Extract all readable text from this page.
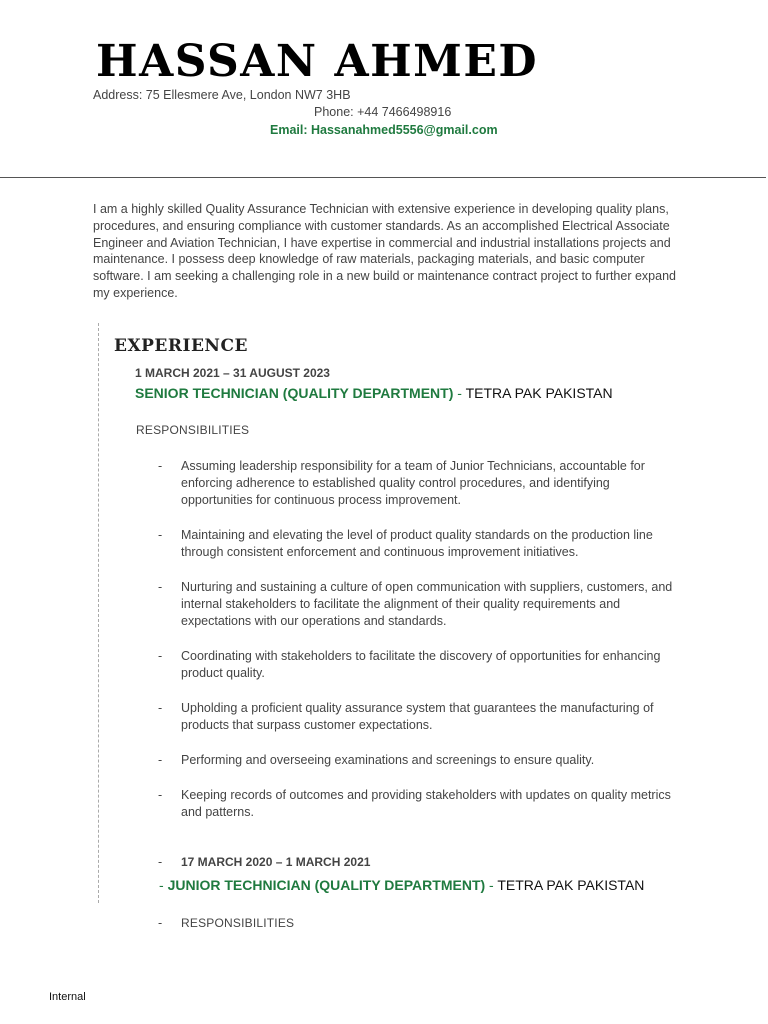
HASSAN AHMED
Address: 75 Ellesmere Ave, London NW7 3HB
Phone: +44 7466498916
Email: Hassanahmed5556@gmail.com

I am a highly skilled Quality Assurance Technician with extensive experience in developing quality plans, procedures, and ensuring compliance with customer standards. As an accomplished Electrical Associate Engineer and Aviation Technician, I have expertise in commercial and industrial installations projects and maintenance. I possess deep knowledge of raw materials, packaging materials, and basic computer software. I am seeking a challenging role in a new build or maintenance contract project to further expand my experience.

EXPERIENCE
1 MARCH 2021 – 31 AUGUST 2023
SENIOR TECHNICIAN (QUALITY DEPARTMENT) - TETRA PAK PAKISTAN
RESPONSIBILITIES
- Assuming leadership responsibility for a team of Junior Technicians, accountable for enforcing adherence to established quality control procedures, and identifying opportunities for continuous process improvement.
- Maintaining and elevating the level of product quality standards on the production line through consistent enforcement and continuous improvement initiatives.
- Nurturing and sustaining a culture of open communication with suppliers, customers, and internal stakeholders to facilitate the alignment of their quality requirements and expectations with our operations and standards.
- Coordinating with stakeholders to facilitate the discovery of opportunities for enhancing product quality.
- Upholding a proficient quality assurance system that guarantees the manufacturing of products that surpass customer expectations.
- Performing and overseeing examinations and screenings to ensure quality.
- Keeping records of outcomes and providing stakeholders with updates on quality metrics and patterns.
- 17 MARCH 2020 – 1 MARCH 2021
- JUNIOR TECHNICIAN (QUALITY DEPARTMENT) - TETRA PAK PAKISTAN
- RESPONSIBILITIES
Internal
